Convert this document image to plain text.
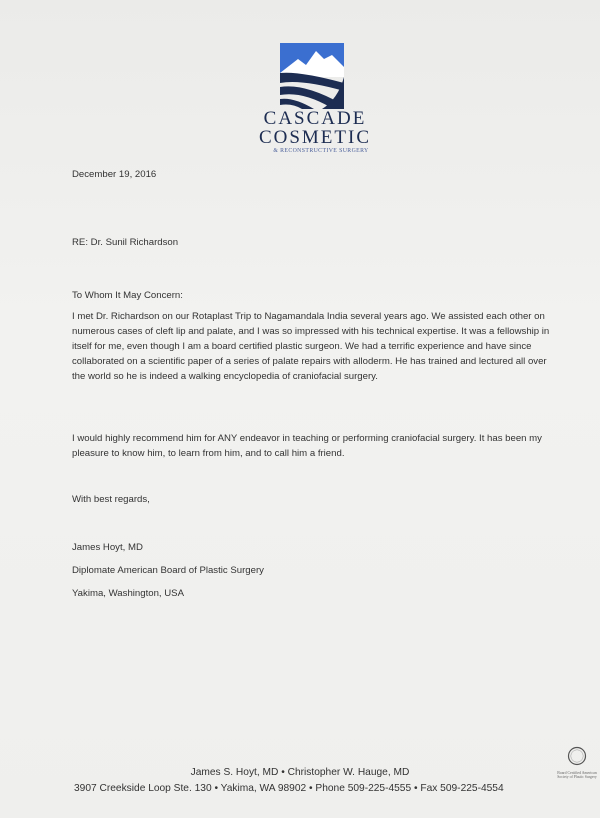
CASCADE
COSMETIC
& RECONSTRUCTIVE SURGERY
December 19, 2016
RE: Dr. Sunil Richardson
To Whom It May Concern:
I met Dr. Richardson on our Rotaplast Trip to Nagamandala India several years ago. We assisted each other on numerous cases of cleft lip and palate, and I was so impressed with his technical expertise. It was a fellowship in itself for me, even though I am a board certified plastic surgeon. We had a terrific experience and have since collaborated on a scientific paper of a series of palate repairs with alloderm. He has trained and lectured all over the world so he is indeed a walking encyclopedia of craniofacial surgery.
I would highly recommend him for ANY endeavor in teaching or performing craniofacial surgery. It has been my pleasure to know him, to learn from him, and to call him a friend.
With best regards,
James Hoyt, MD
Diplomate American Board of Plastic Surgery
Yakima, Washington, USA
James S. Hoyt, MD • Christopher W. Hauge, MD
3907 Creekside Loop Ste. 130 • Yakima, WA 98902 • Phone 509-225-4555 • Fax 509-225-4554
Board Certified American Society of Plastic Surgery
